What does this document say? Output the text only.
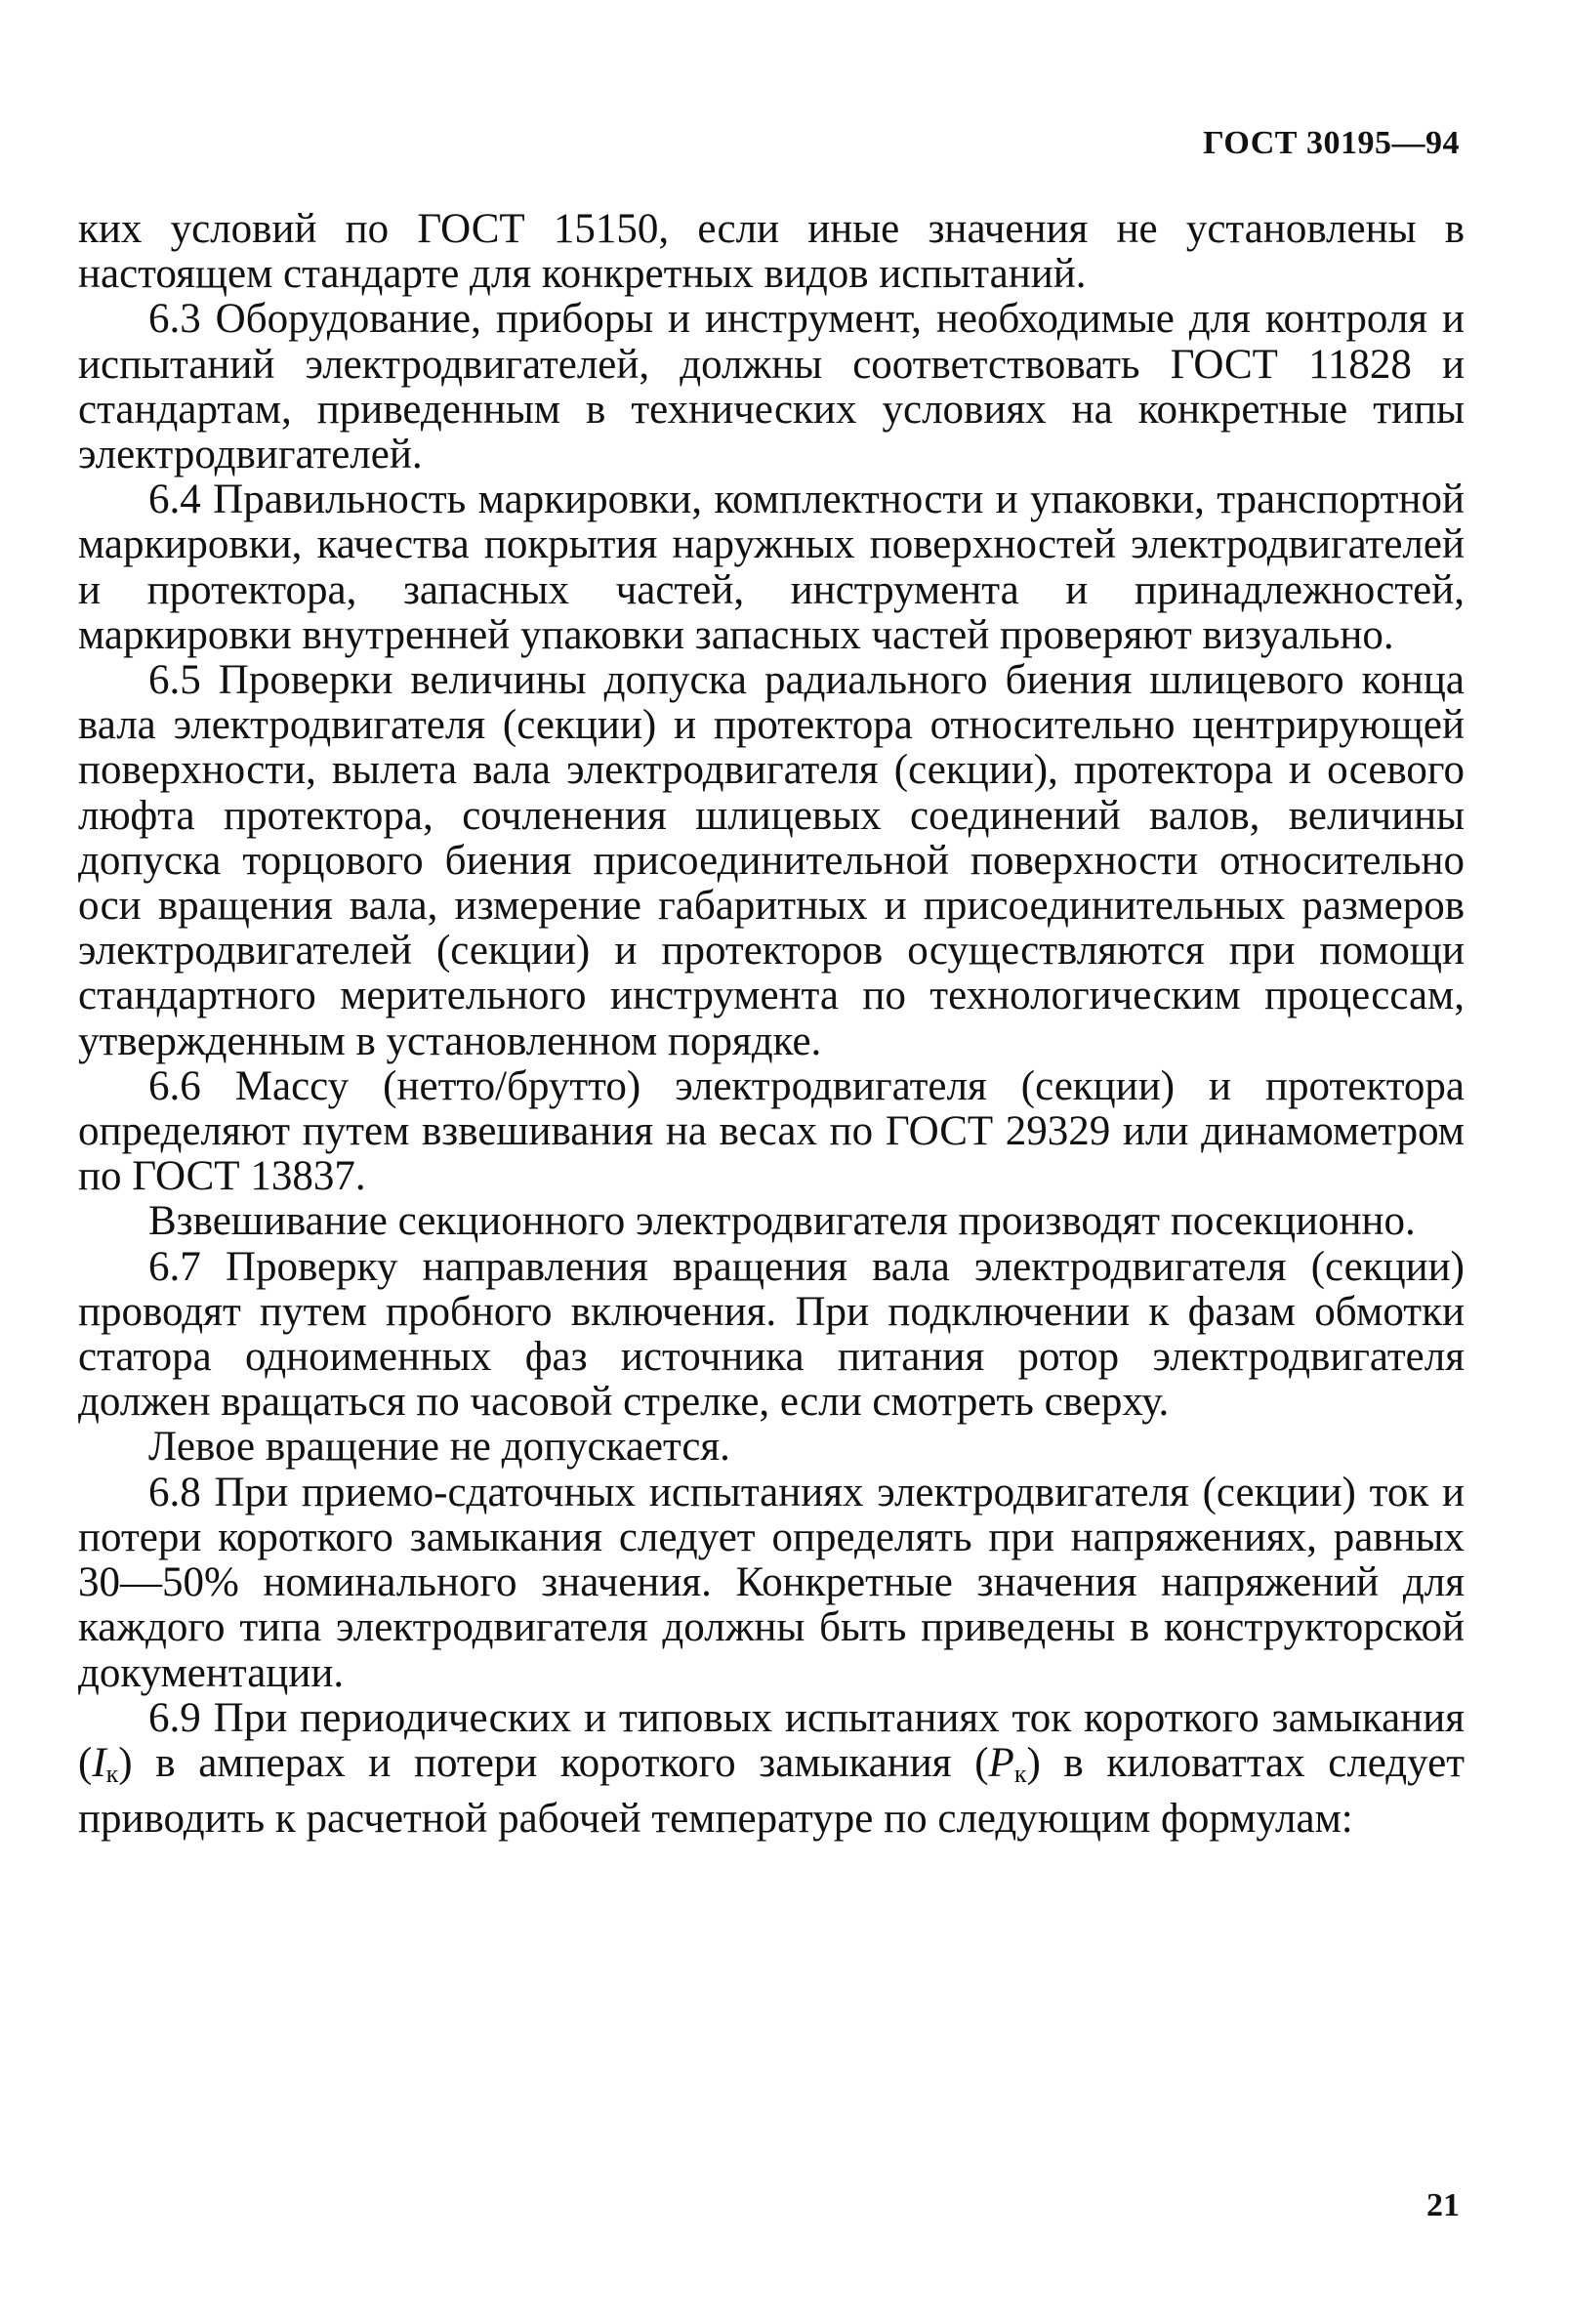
ГОСТ 30195—94

ких условий по ГОСТ 15150, если иные значения не установлены в настоящем стандарте для конкретных видов испытаний.

6.3 Оборудование, приборы и инструмент, необходимые для контроля и испытаний электродвигателей, должны соответствовать ГОСТ 11828 и стандартам, приведенным в технических условиях на конкретные типы электродвигателей.

6.4 Правильность маркировки, комплектности и упаковки, транспортной маркировки, качества покрытия наружных поверхностей электродвигателей и протектора, запасных частей, инструмента и принадлежностей, маркировки внутренней упаковки запасных частей проверяют визуально.

6.5 Проверки величины допуска радиального биения шлицевого конца вала электродвигателя (секции) и протектора относительно центрирующей поверхности, вылета вала электродвигателя (секции), протектора и осевого люфта протектора, сочленения шлицевых соединений валов, величины допуска торцового биения присоединительной поверхности относительно оси вращения вала, измерение габаритных и присоединительных размеров электродвигателей (секции) и протекторов осуществляются при помощи стандартного мерительного инструмента по технологическим процессам, утвержденным в установленном порядке.

6.6 Массу (нетто/брутто) электродвигателя (секции) и протектора определяют путем взвешивания на весах по ГОСТ 29329 или динамометром по ГОСТ 13837.

Взвешивание секционного электродвигателя производят посекционно.

6.7 Проверку направления вращения вала электродвигателя (секции) проводят путем пробного включения. При подключении к фазам обмотки статора одноименных фаз источника питания ротор электродвигателя должен вращаться по часовой стрелке, если смотреть сверху.

Левое вращение не допускается.

6.8 При приемо-сдаточных испытаниях электродвигателя (секции) ток и потери короткого замыкания следует определять при напряжениях, равных 30—50% номинального значения. Конкретные значения напряжений для каждого типа электродвигателя должны быть приведены в конструкторской документации.

6.9 При периодических и типовых испытаниях ток короткого замыкания $(I_к)$ в амперах и потери короткого замыкания $(P_к)$ в киловаттах следует приводить к расчетной рабочей температуре по следующим формулам:

21
